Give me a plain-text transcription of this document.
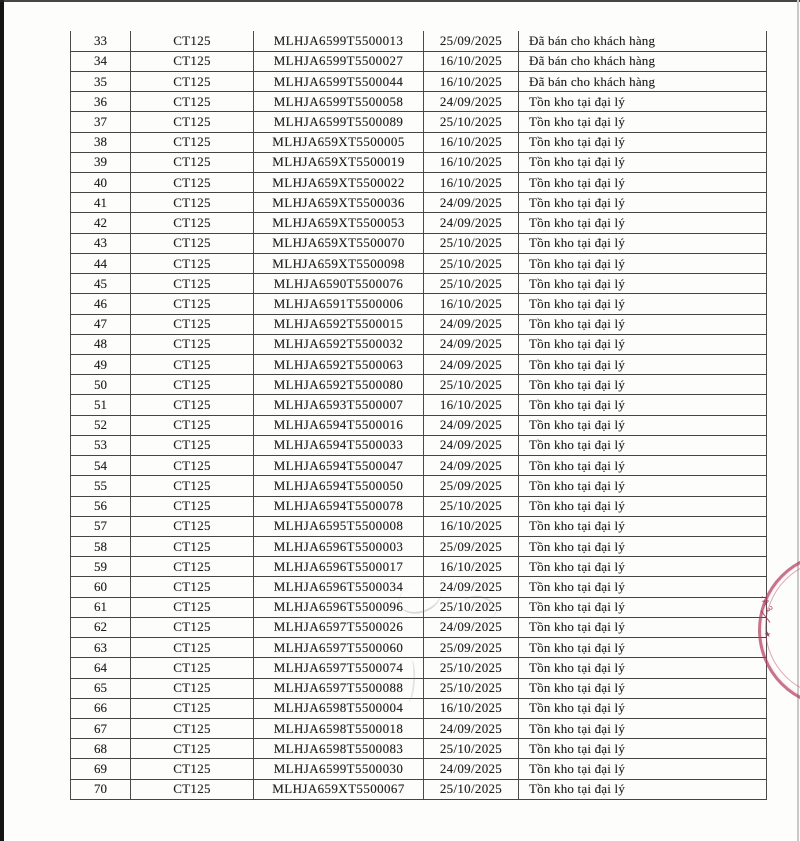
33	CT125	MLHJA6599T5500013	25/09/2025	Đã bán cho khách hàng
34	CT125	MLHJA6599T5500027	16/10/2025	Đã bán cho khách hàng
35	CT125	MLHJA6599T5500044	16/10/2025	Đã bán cho khách hàng
36	CT125	MLHJA6599T5500058	24/09/2025	Tồn kho tại đại lý
37	CT125	MLHJA6599T5500089	25/10/2025	Tồn kho tại đại lý
38	CT125	MLHJA659XT5500005	16/10/2025	Tồn kho tại đại lý
39	CT125	MLHJA659XT5500019	16/10/2025	Tồn kho tại đại lý
40	CT125	MLHJA659XT5500022	16/10/2025	Tồn kho tại đại lý
41	CT125	MLHJA659XT5500036	24/09/2025	Tồn kho tại đại lý
42	CT125	MLHJA659XT5500053	24/09/2025	Tồn kho tại đại lý
43	CT125	MLHJA659XT5500070	25/10/2025	Tồn kho tại đại lý
44	CT125	MLHJA659XT5500098	25/10/2025	Tồn kho tại đại lý
45	CT125	MLHJA6590T5500076	25/10/2025	Tồn kho tại đại lý
46	CT125	MLHJA6591T5500006	16/10/2025	Tồn kho tại đại lý
47	CT125	MLHJA6592T5500015	24/09/2025	Tồn kho tại đại lý
48	CT125	MLHJA6592T5500032	24/09/2025	Tồn kho tại đại lý
49	CT125	MLHJA6592T5500063	24/09/2025	Tồn kho tại đại lý
50	CT125	MLHJA6592T5500080	25/10/2025	Tồn kho tại đại lý
51	CT125	MLHJA6593T5500007	16/10/2025	Tồn kho tại đại lý
52	CT125	MLHJA6594T5500016	24/09/2025	Tồn kho tại đại lý
53	CT125	MLHJA6594T5500033	24/09/2025	Tồn kho tại đại lý
54	CT125	MLHJA6594T5500047	24/09/2025	Tồn kho tại đại lý
55	CT125	MLHJA6594T5500050	25/09/2025	Tồn kho tại đại lý
56	CT125	MLHJA6594T5500078	25/10/2025	Tồn kho tại đại lý
57	CT125	MLHJA6595T5500008	16/10/2025	Tồn kho tại đại lý
58	CT125	MLHJA6596T5500003	25/09/2025	Tồn kho tại đại lý
59	CT125	MLHJA6596T5500017	16/10/2025	Tồn kho tại đại lý
60	CT125	MLHJA6596T5500034	24/09/2025	Tồn kho tại đại lý
61	CT125	MLHJA6596T5500096	25/10/2025	Tồn kho tại đại lý
62	CT125	MLHJA6597T5500026	24/09/2025	Tồn kho tại đại lý
63	CT125	MLHJA6597T5500060	25/09/2025	Tồn kho tại đại lý
64	CT125	MLHJA6597T5500074	25/10/2025	Tồn kho tại đại lý
65	CT125	MLHJA6597T5500088	25/10/2025	Tồn kho tại đại lý
66	CT125	MLHJA6598T5500004	16/10/2025	Tồn kho tại đại lý
67	CT125	MLHJA6598T5500018	24/09/2025	Tồn kho tại đại lý
68	CT125	MLHJA6598T5500083	25/10/2025	Tồn kho tại đại lý
69	CT125	MLHJA6599T5500030	24/09/2025	Tồn kho tại đại lý
70	CT125	MLHJA659XT5500067	25/10/2025	Tồn kho tại đại lý
·A3
★
